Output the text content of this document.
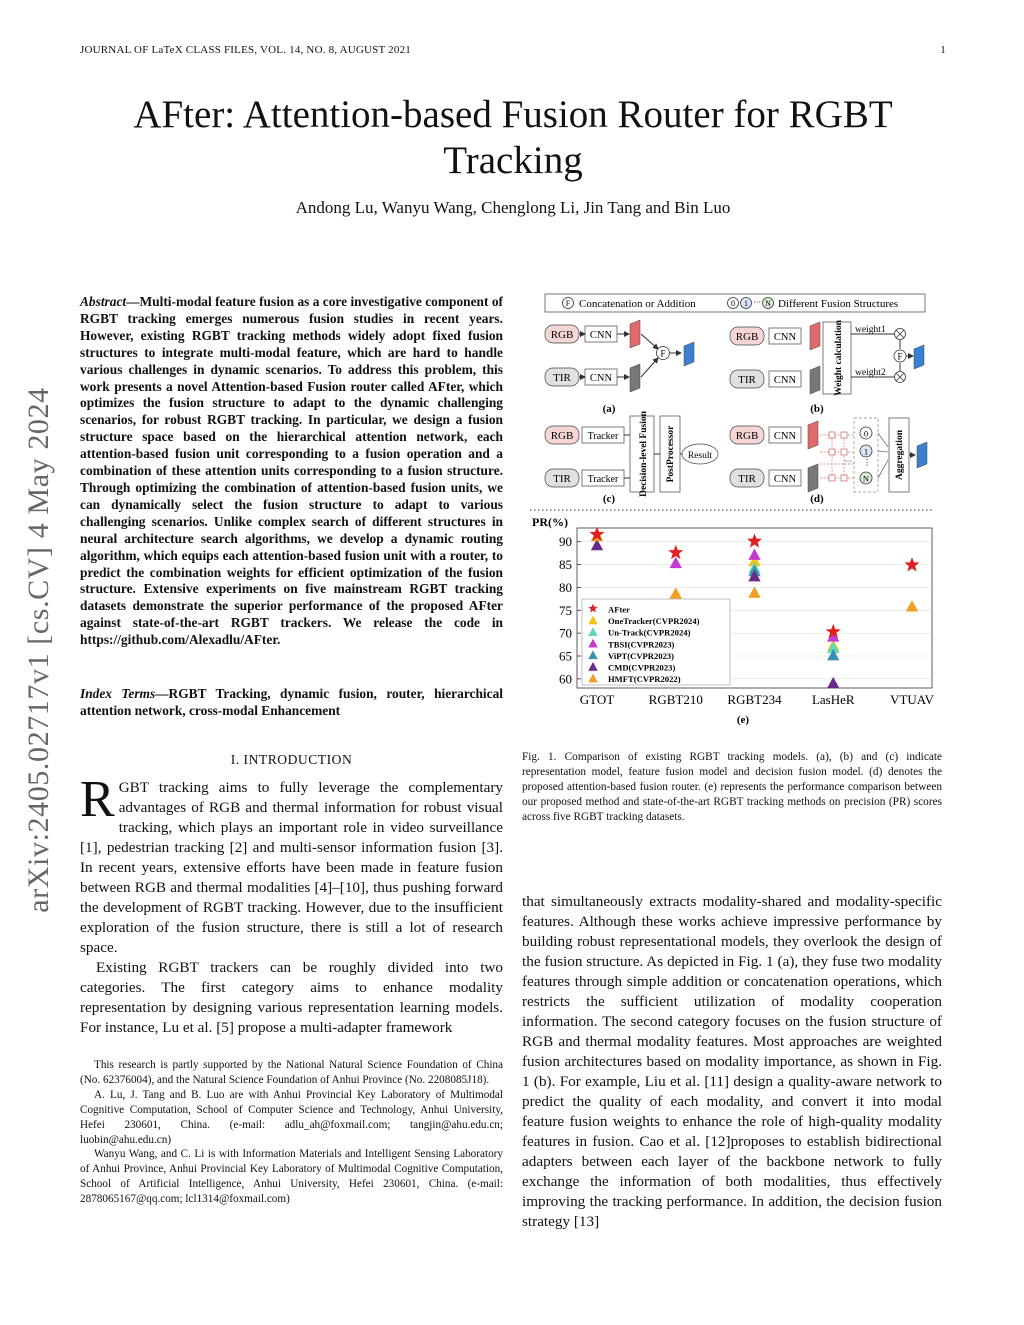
JOURNAL OF LaTeX CLASS FILES, VOL. 14, NO. 8, AUGUST 2021	1
AFter: Attention-based Fusion Router for RGBT Tracking
Andong Lu, Wanyu Wang, Chenglong Li, Jin Tang and Bin Luo
arXiv:2405.02717v1 [cs.CV] 4 May 2024
Abstract—Multi-modal feature fusion as a core investigative component of RGBT tracking emerges numerous fusion studies in recent years. However, existing RGBT tracking methods widely adopt fixed fusion structures to integrate multi-modal feature, which are hard to handle various challenges in dynamic scenarios. To address this problem, this work presents a novel Attention-based Fusion router called AFter, which optimizes the fusion structure to adapt to the dynamic challenging scenarios, for robust RGBT tracking. In particular, we design a fusion structure space based on the hierarchical attention network, each attention-based fusion unit corresponding to a fusion operation and a combination of these attention units corresponding to a fusion structure. Through optimizing the combination of attention-based fusion units, we can dynamically select the fusion structure to adapt to various challenging scenarios. Unlike complex search of different structures in neural architecture search algorithms, we develop a dynamic routing algorithm, which equips each attention-based fusion unit with a router, to predict the combination weights for efficient optimization of the fusion structure. Extensive experiments on five mainstream RGBT tracking datasets demonstrate the superior performance of the proposed AFter against state-of-the-art RGBT trackers. We release the code in https://github.com/Alexadlu/AFter.
Index Terms—RGBT Tracking, dynamic fusion, router, hierarchical attention network, cross-modal Enhancement
I. INTRODUCTION

RGBT tracking aims to fully leverage the complementary advantages of RGB and thermal information for robust visual tracking, which plays an important role in video surveillance [1], pedestrian tracking [2] and multi-sensor information fusion [3]. In recent years, extensive efforts have been made in feature fusion between RGB and thermal modalities [4]–[10], thus pushing forward the development of RGBT tracking. However, due to the insufficient exploration of the fusion structure, there is still a lot of research space.

Existing RGBT trackers can be roughly divided into two categories. The first category aims to enhance modality representation by designing various representation learning models. For instance, Lu et al. [5] propose a multi-adapter framework

This research is partly supported by the National Natural Science Foundation of China (No. 62376004), and the Natural Science Foundation of Anhui Province (No. 2208085J18).

A. Lu, J. Tang and B. Luo are with Anhui Provincial Key Laboratory of Multimodal Cognitive Computation, School of Computer Science and Technology, Anhui University, Hefei 230601, China. (e-mail: adlu_ah@foxmail.com; tangjin@ahu.edu.cn; luobin@ahu.edu.cn)

Wanyu Wang, and C. Li is with Information Materials and Intelligent Sensing Laboratory of Anhui Province, Anhui Provincial Key Laboratory of Multimodal Cognitive Computation, School of Artificial Intelligence, Anhui University, Hefei 230601, China. (e-mail: 2878065167@qq.com; lcl1314@foxmail.com)

F Concatenation or Addition	0 1 ··· N Different Fusion Structures
RGB CNN
TIR CNN
F
(a)
RGB CNN
TIR CNN	Weight calculation weight1
weight2
F
(b)
RGB Tracker
TIR Tracker Decision-level Fusion PostProcessor Result
(c)
RGB CNN
TIR CNN
···
0
1
⋮
N	Aggregation
(d)
PR(%)
60
65
70
75
80
85
90
GTOT	RGBT210 RGBT234 LasHeR	VTUAV
AFter
OneTracker(CVPR2024)
Un-Track(CVPR2024)
TBSI(CVPR2023)
ViPT(CVPR2023)
CMD(CVPR2023)
HMFT(CVPR2022)
(e)
Fig. 1. Comparison of existing RGBT tracking models. (a), (b) and (c) indicate representation model, feature fusion model and decision fusion model. (d) denotes the proposed attention-based fusion router. (e) represents the performance comparison between our proposed method and state-of-the-art RGBT tracking methods on precision (PR) scores across five RGBT tracking datasets.

that simultaneously extracts modality-shared and modality-specific features. Although these works achieve impressive performance by building robust representational models, they overlook the design of the fusion structure. As depicted in Fig. 1 (a), they fuse two modality features through simple addition or concatenation operations, which restricts the sufficient utilization of modality cooperation information. The second category focuses on the fusion structure of RGB and thermal modality features. Most approaches are weighted fusion architectures based on modality importance, as shown in Fig. 1 (b). For example, Liu et al. [11] design a quality-aware network to predict the quality of each modality, and convert it into modal feature fusion weights to enhance the role of high-quality modality features in fusion. Cao et al. [12]proposes to establish bidirectional adapters between each layer of the backbone network to fully exchange the information of both modalities, thus effectively improving the tracking performance. In addition, the decision fusion strategy [13]
